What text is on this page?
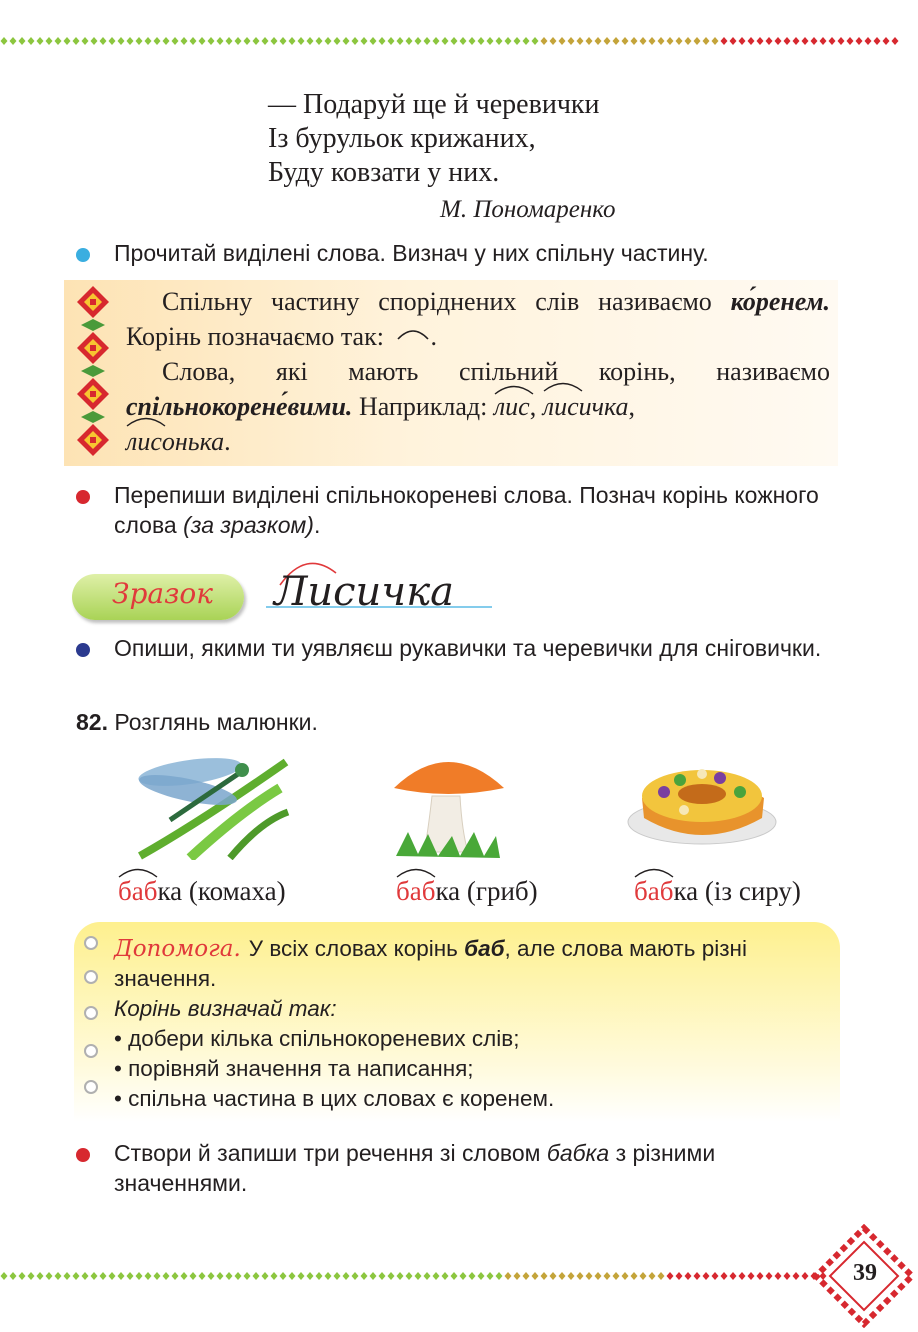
— Подаруй ще й черевички
Із бурульок крижаних,
Буду ковзати у них.
М. Пономаренко
Прочитай виділені слова. Визнач у них спільну частину.
Спільну частину споріднених слів називаємо ко́ренем. Корінь позначаємо так: .
Слова, які мають спільний корінь, називаємо спільнокорене́вими. Наприклад: лис, лисичка,
лисонька.
Перепиши виділені спільнокореневі слова. Познач корінь кожного слова (за зразком).
Зразок Лисичка
Опиши, якими ти уявляєш рукавички та черевички для сніговички.
82. Розглянь малюнки.
бабка (комаха)	бабка (гриб)	бабка (із сиру)
Допомога. У всіх словах корінь баб, але слова мають різні значення.
Корінь визначай так:
• добери кілька спільнокореневих слів;
• порівняй значення та написання;
• спільна частина в цих словах є коренем.
Створи й запиши три речення зі словом бабка з різними значеннями.
39
